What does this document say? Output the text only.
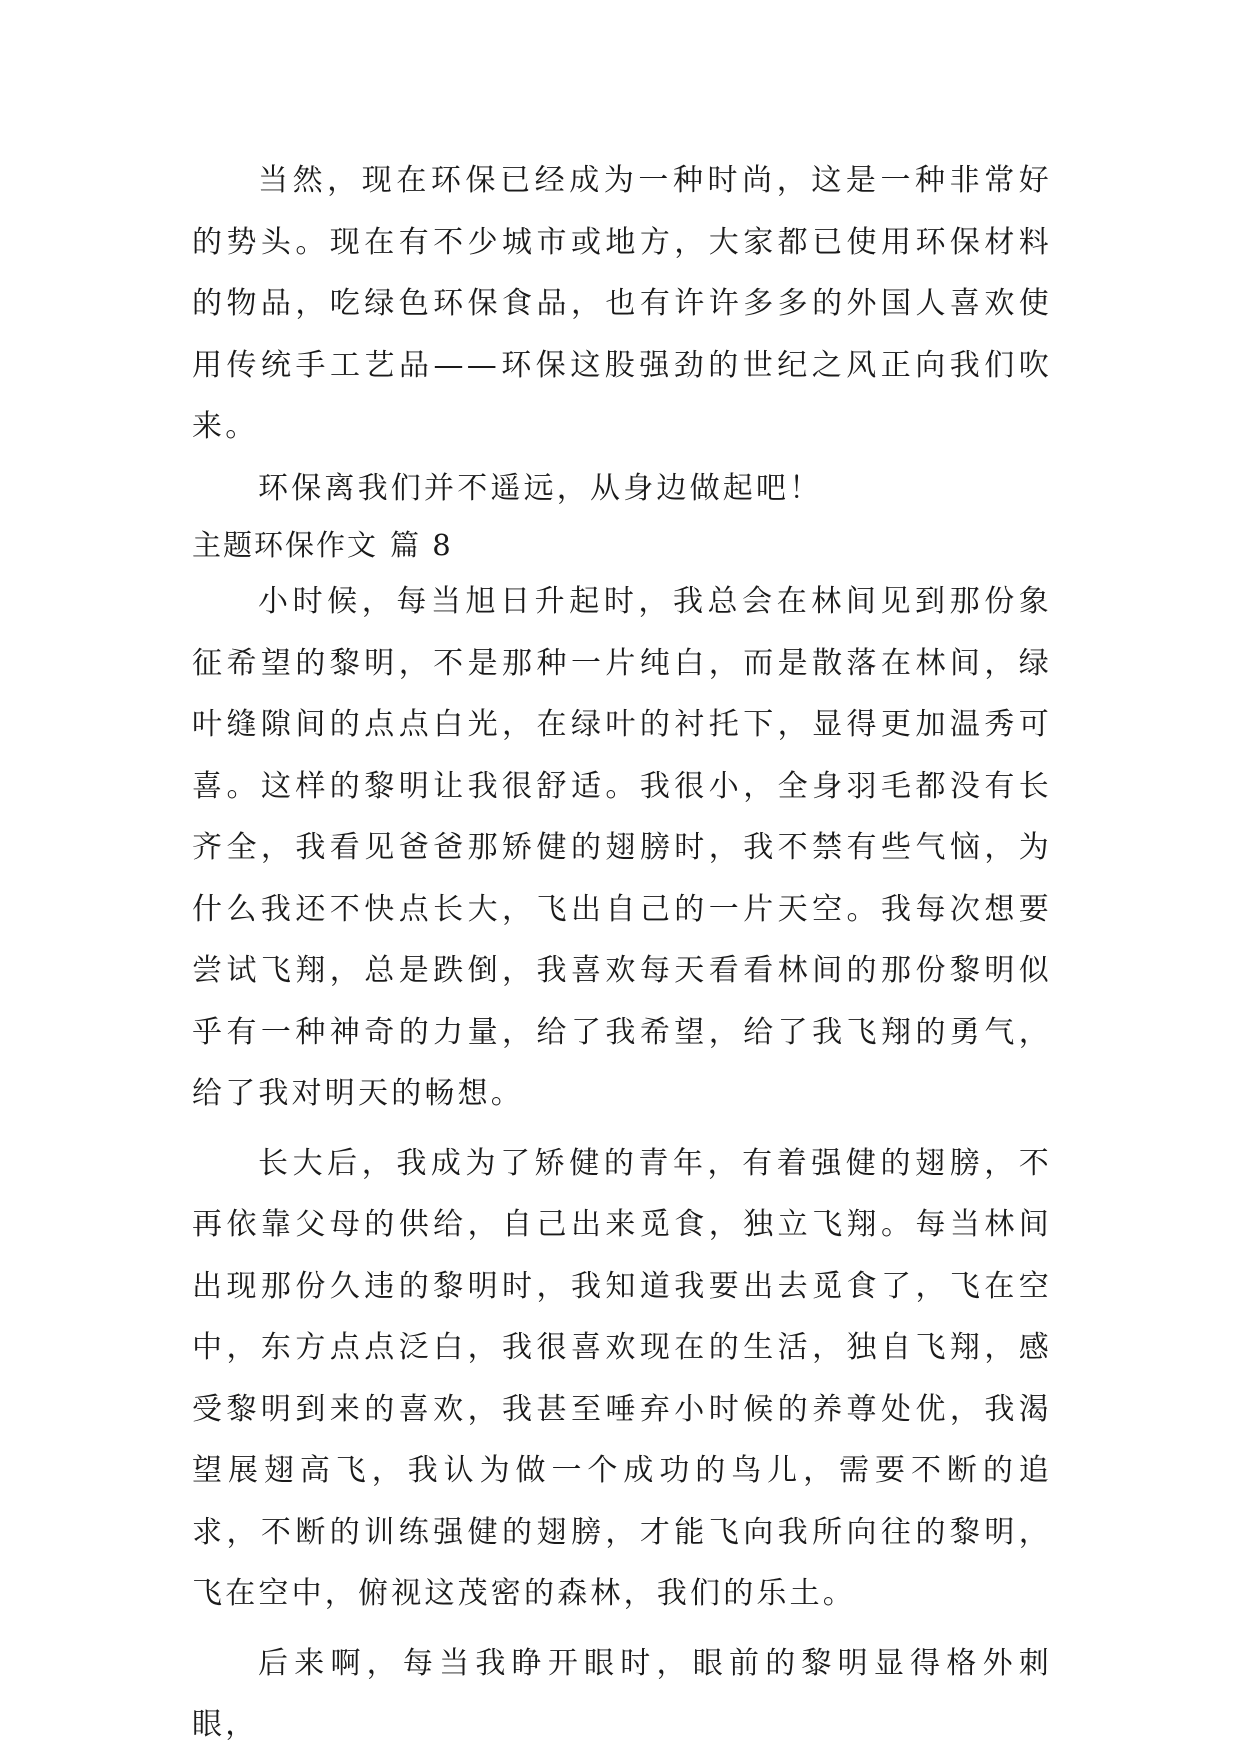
当然，现在环保已经成为一种时尚，这是一种非常好的势头。现在有不少城市或地方，大家都已使用环保材料的物品，吃绿色环保食品，也有许许多多的外国人喜欢使用传统手工艺品——环保这股强劲的世纪之风正向我们吹来。

环保离我们并不遥远，从身边做起吧！

主题环保作文 篇 8

小时候，每当旭日升起时，我总会在林间见到那份象征希望的黎明，不是那种一片纯白，而是散落在林间，绿叶缝隙间的点点白光，在绿叶的衬托下，显得更加温秀可喜。这样的黎明让我很舒适。我很小，全身羽毛都没有长齐全，我看见爸爸那矫健的翅膀时，我不禁有些气恼，为什么我还不快点长大，飞出自己的一片天空。我每次想要尝试飞翔，总是跌倒，我喜欢每天看看林间的那份黎明似乎有一种神奇的力量，给了我希望，给了我飞翔的勇气，给了我对明天的畅想。

长大后，我成为了矫健的青年，有着强健的翅膀，不再依靠父母的供给，自己出来觅食，独立飞翔。每当林间出现那份久违的黎明时，我知道我要出去觅食了，飞在空中，东方点点泛白，我很喜欢现在的生活，独自飞翔，感受黎明到来的喜欢，我甚至唾弃小时候的养尊处优，我渴望展翅高飞，我认为做一个成功的鸟儿，需要不断的追求，不断的训练强健的翅膀，才能飞向我所向往的黎明，飞在空中，俯视这茂密的森林，我们的乐土。

后来啊，每当我睁开眼时，眼前的黎明显得格外刺眼，
